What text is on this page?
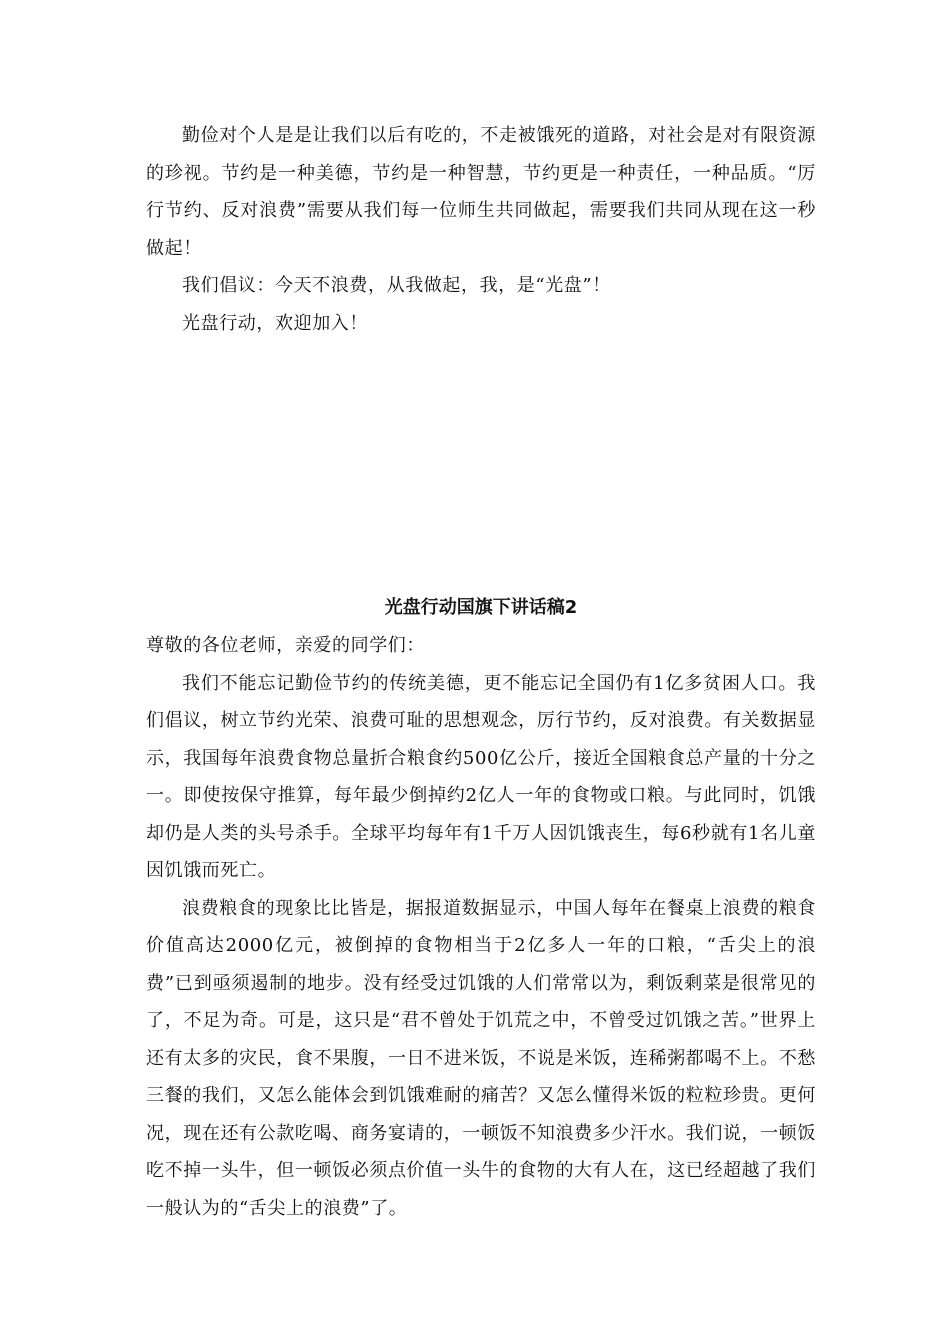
勤俭对个人是是让我们以后有吃的，不走被饿死的道路，对社会是对有限资源的珍视。节约是一种美德，节约是一种智慧，节约更是一种责任，一种品质。“厉行节约、反对浪费”需要从我们每一位师生共同做起，需要我们共同从现在这一秒做起！

我们倡议：今天不浪费，从我做起，我，是“光盘”！

光盘行动，欢迎加入！

光盘行动国旗下讲话稿2

尊敬的各位老师，亲爱的同学们：

我们不能忘记勤俭节约的传统美德，更不能忘记全国仍有1亿多贫困人口。我们倡议，树立节约光荣、浪费可耻的思想观念，厉行节约，反对浪费。有关数据显示，我国每年浪费食物总量折合粮食约500亿公斤，接近全国粮食总产量的十分之一。即使按保守推算，每年最少倒掉约2亿人一年的食物或口粮。与此同时，饥饿却仍是人类的头号杀手。全球平均每年有1千万人因饥饿丧生，每6秒就有1名儿童因饥饿而死亡。

浪费粮食的现象比比皆是，据报道数据显示，中国人每年在餐桌上浪费的粮食价值高达2000亿元，被倒掉的食物相当于2亿多人一年的口粮，“舌尖上的浪费”已到亟须遏制的地步。没有经受过饥饿的人们常常以为，剩饭剩菜是很常见的了，不足为奇。可是，这只是“君不曾处于饥荒之中，不曾受过饥饿之苦。”世界上还有太多的灾民，食不果腹，一日不进米饭，不说是米饭，连稀粥都喝不上。不愁三餐的我们，又怎么能体会到饥饿难耐的痛苦？又怎么懂得米饭的粒粒珍贵。更何况，现在还有公款吃喝、商务宴请的，一顿饭不知浪费多少汗水。我们说，一顿饭吃不掉一头牛，但一顿饭必须点价值一头牛的食物的大有人在，这已经超越了我们一般认为的“舌尖上的浪费”了。
